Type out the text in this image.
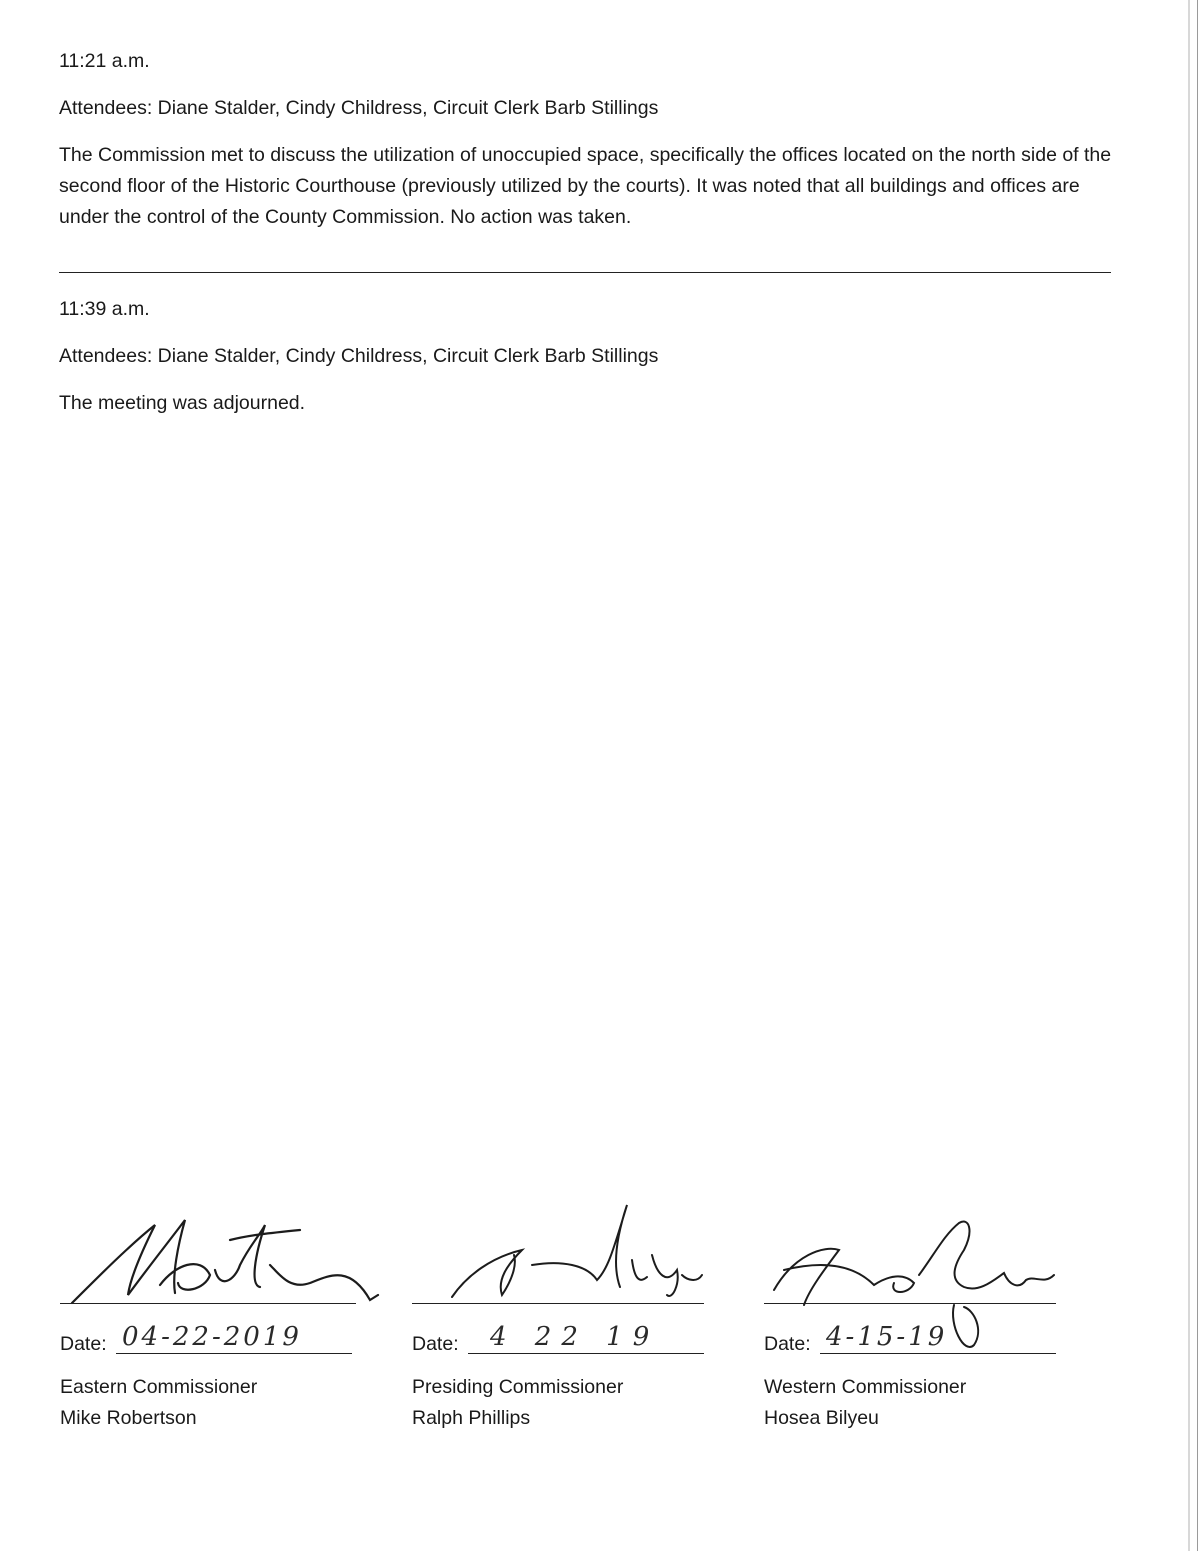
11:21 a.m.
Attendees: Diane Stalder, Cindy Childress, Circuit Clerk Barb Stillings
The Commission met to discuss the utilization of unoccupied space, specifically the offices located on the north side of the second floor of the Historic Courthouse (previously utilized by the courts). It was noted that all buildings and offices are under the control of the County Commission. No action was taken.
11:39 a.m.
Attendees: Diane Stalder, Cindy Childress, Circuit Clerk Barb Stillings
The meeting was adjourned.
Date: 04-22-2019
Eastern Commissioner
Mike Robertson
Date: 4 22 19
Presiding Commissioner
Ralph Phillips
Date: 4-15-19
Western Commissioner
Hosea Bilyeu
